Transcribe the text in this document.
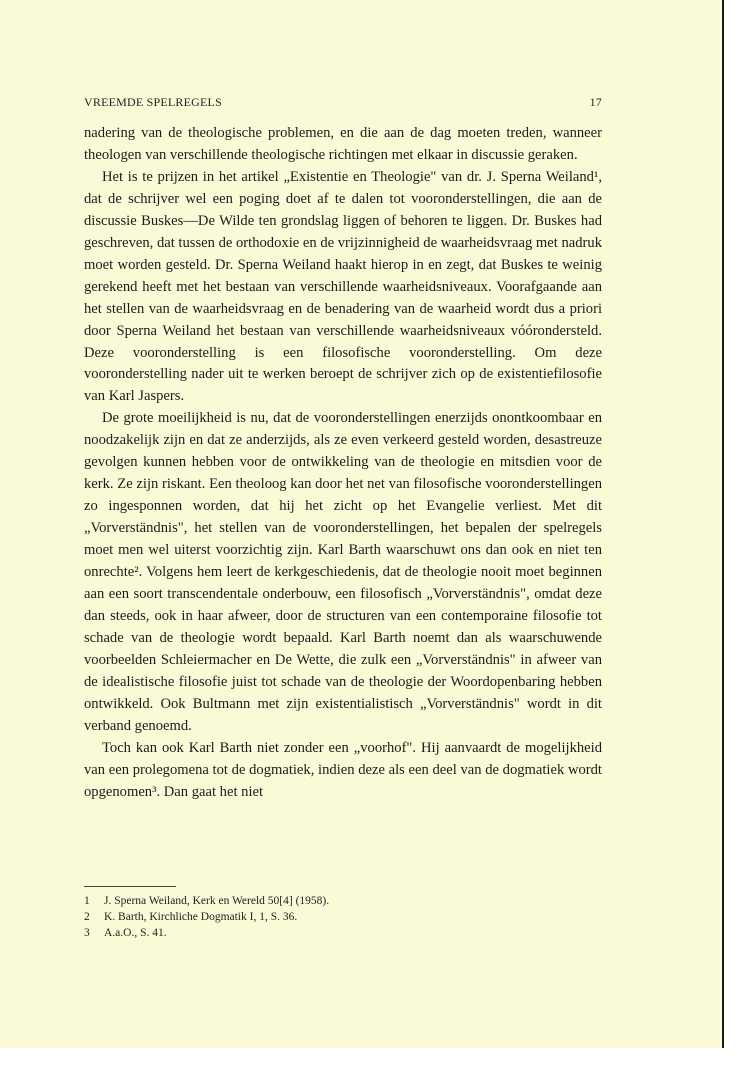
VREEMDE SPELREGELS	17

nadering van de theologische problemen, en die aan de dag moeten treden, wanneer theologen van verschillende theologische richtingen met elkaar in discussie geraken.

Het is te prijzen in het artikel „Existentie en Theologie" van dr. J. Sperna Weiland¹, dat de schrijver wel een poging doet af te dalen tot vooronderstellingen, die aan de discussie Buskes—De Wilde ten grondslag liggen of behoren te liggen. Dr. Buskes had geschreven, dat tussen de orthodoxie en de vrijzinnigheid de waarheidsvraag met nadruk moet worden gesteld. Dr. Sperna Weiland haakt hierop in en zegt, dat Buskes te weinig gerekend heeft met het bestaan van verschillende waarheidsniveaux. Voorafgaande aan het stellen van de waarheidsvraag en de benadering van de waarheid wordt dus a priori door Sperna Weiland het bestaan van verschillende waarheidsniveaux vóórondersteld. Deze vooronderstelling is een filosofische vooronderstelling. Om deze vooronderstelling nader uit te werken beroept de schrijver zich op de existentiefilosofie van Karl Jaspers.

De grote moeilijkheid is nu, dat de vooronderstellingen enerzijds onontkoombaar en noodzakelijk zijn en dat ze anderzijds, als ze even verkeerd gesteld worden, desastreuze gevolgen kunnen hebben voor de ontwikkeling van de theologie en mitsdien voor de kerk. Ze zijn riskant. Een theoloog kan door het net van filosofische vooronderstellingen zo ingesponnen worden, dat hij het zicht op het Evangelie verliest. Met dit „Vorverständnis", het stellen van de vooronderstellingen, het bepalen der spelregels moet men wel uiterst voorzichtig zijn. Karl Barth waarschuwt ons dan ook en niet ten onrechte². Volgens hem leert de kerkgeschiedenis, dat de theologie nooit moet beginnen aan een soort transcendentale onderbouw, een filosofisch „Vorverständnis", omdat deze dan steeds, ook in haar afweer, door de structuren van een contemporaine filosofie tot schade van de theologie wordt bepaald. Karl Barth noemt dan als waarschuwende voorbeelden Schleiermacher en De Wette, die zulk een „Vorverständnis" in afweer van de idealistische filosofie juist tot schade van de theologie der Woordopenbaring hebben ontwikkeld. Ook Bultmann met zijn existentialistisch „Vorverständnis" wordt in dit verband genoemd.

Toch kan ook Karl Barth niet zonder een „voorhof". Hij aanvaardt de mogelijkheid van een prolegomena tot de dogmatiek, indien deze als een deel van de dogmatiek wordt opgenomen³. Dan gaat het niet

1	J. Sperna Weiland, Kerk en Wereld 50[4] (1958).
2	K. Barth, Kirchliche Dogmatik I, 1, S. 36.
3	A.a.O., S. 41.
